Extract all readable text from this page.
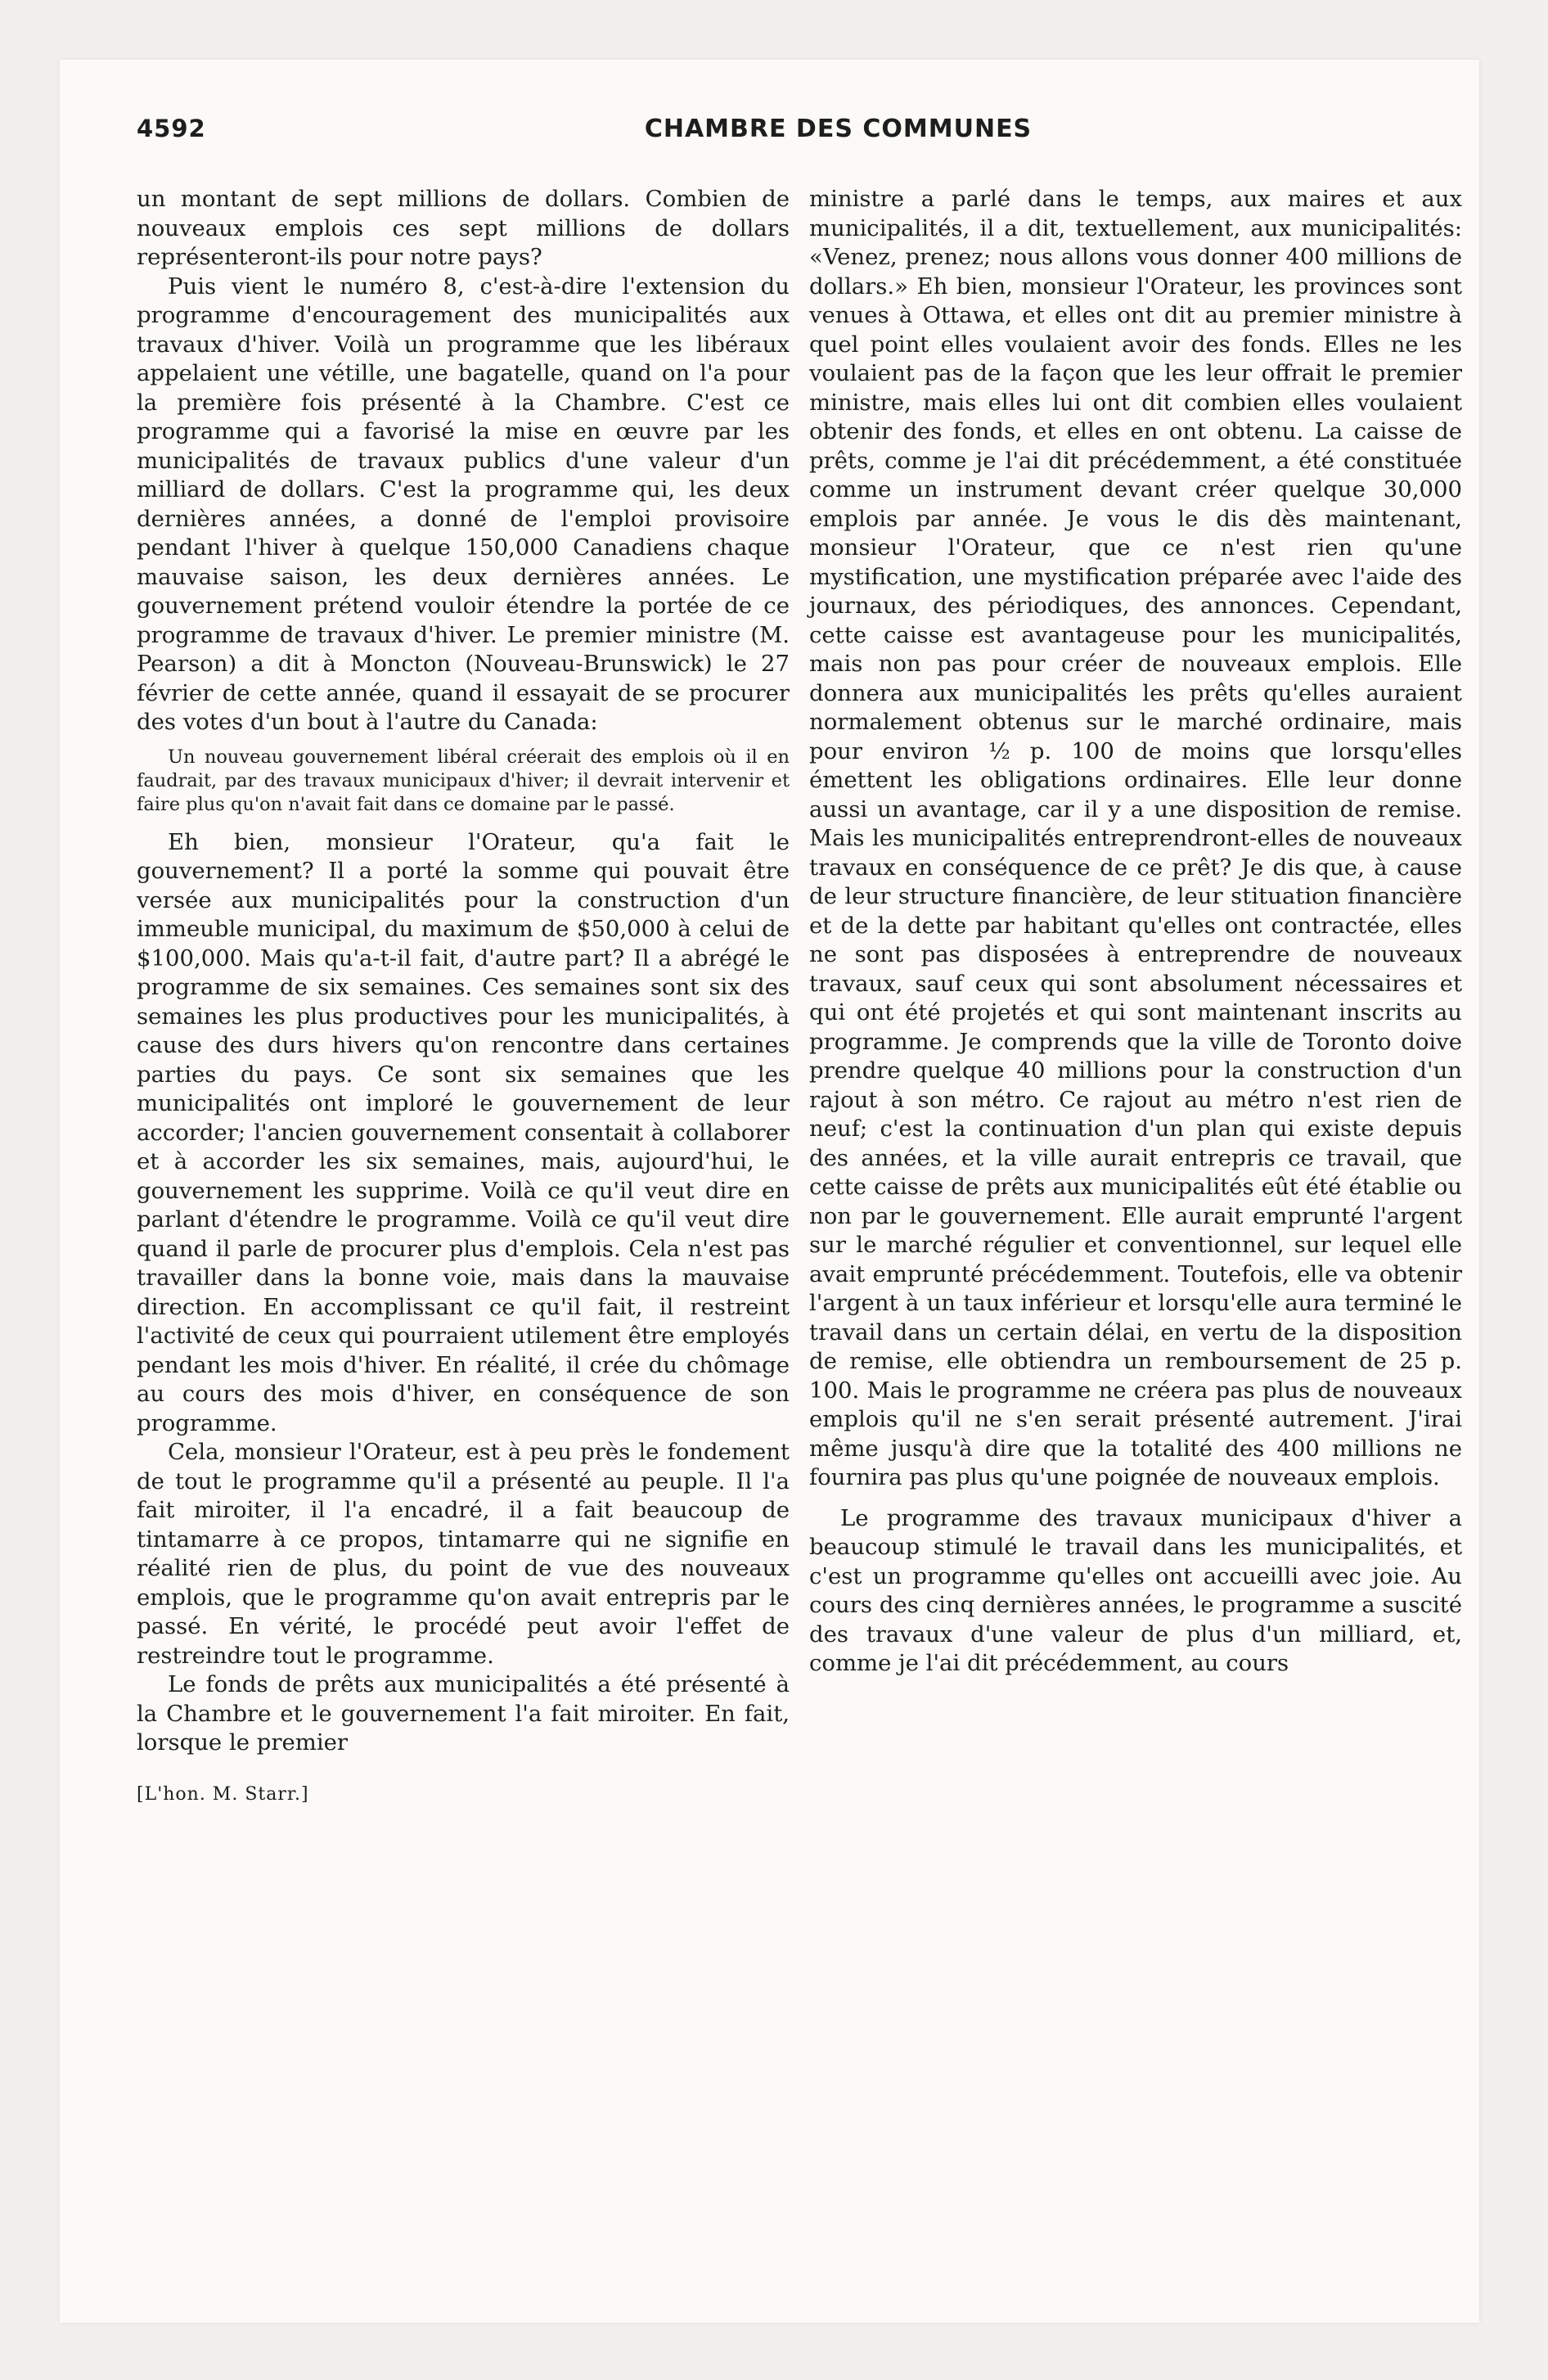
4592	CHAMBRE DES COMMUNES

un montant de sept millions de dollars. Combien de nouveaux emplois ces sept millions de dollars représenteront-ils pour notre pays?

Puis vient le numéro 8, c'est-à-dire l'extension du programme d'encouragement des municipalités aux travaux d'hiver. Voilà un programme que les libéraux appelaient une vétille, une bagatelle, quand on l'a pour la première fois présenté à la Chambre. C'est ce programme qui a favorisé la mise en œuvre par les municipalités de travaux publics d'une valeur d'un milliard de dollars. C'est la programme qui, les deux dernières années, a donné de l'emploi provisoire pendant l'hiver à quelque 150,000 Canadiens chaque mauvaise saison, les deux dernières années. Le gouvernement prétend vouloir étendre la portée de ce programme de travaux d'hiver. Le premier ministre (M. Pearson) a dit à Moncton (Nouveau-Brunswick) le 27 février de cette année, quand il essayait de se procurer des votes d'un bout à l'autre du Canada:

Un nouveau gouvernement libéral créerait des emplois où il en faudrait, par des travaux municipaux d'hiver; il devrait intervenir et faire plus qu'on n'avait fait dans ce domaine par le passé.

Eh bien, monsieur l'Orateur, qu'a fait le gouvernement? Il a porté la somme qui pouvait être versée aux municipalités pour la construction d'un immeuble municipal, du maximum de $50,000 à celui de $100,000. Mais qu'a-t-il fait, d'autre part? Il a abrégé le programme de six semaines. Ces semaines sont six des semaines les plus productives pour les municipalités, à cause des durs hivers qu'on rencontre dans certaines parties du pays. Ce sont six semaines que les municipalités ont imploré le gouvernement de leur accorder; l'ancien gouvernement consentait à collaborer et à accorder les six semaines, mais, aujourd'hui, le gouvernement les supprime. Voilà ce qu'il veut dire en parlant d'étendre le programme. Voilà ce qu'il veut dire quand il parle de procurer plus d'emplois. Cela n'est pas travailler dans la bonne voie, mais dans la mauvaise direction. En accomplissant ce qu'il fait, il restreint l'activité de ceux qui pourraient utilement être employés pendant les mois d'hiver. En réalité, il crée du chômage au cours des mois d'hiver, en conséquence de son programme.

Cela, monsieur l'Orateur, est à peu près le fondement de tout le programme qu'il a présenté au peuple. Il l'a fait miroiter, il l'a encadré, il a fait beaucoup de tintamarre à ce propos, tintamarre qui ne signifie en réalité rien de plus, du point de vue des nouveaux emplois, que le programme qu'on avait entrepris par le passé. En vérité, le procédé peut avoir l'effet de restreindre tout le programme.

Le fonds de prêts aux municipalités a été présenté à la Chambre et le gouvernement l'a fait miroiter. En fait, lorsque le premier

[L'hon. M. Starr.]

ministre a parlé dans le temps, aux maires et aux municipalités, il a dit, textuellement, aux municipalités: «Venez, prenez; nous allons vous donner 400 millions de dollars.» Eh bien, monsieur l'Orateur, les provinces sont venues à Ottawa, et elles ont dit au premier ministre à quel point elles voulaient avoir des fonds. Elles ne les voulaient pas de la façon que les leur offrait le premier ministre, mais elles lui ont dit combien elles voulaient obtenir des fonds, et elles en ont obtenu. La caisse de prêts, comme je l'ai dit précédemment, a été constituée comme un instrument devant créer quelque 30,000 emplois par année. Je vous le dis dès maintenant, monsieur l'Orateur, que ce n'est rien qu'une mystification, une mystification préparée avec l'aide des journaux, des périodiques, des annonces. Cependant, cette caisse est avantageuse pour les municipalités, mais non pas pour créer de nouveaux emplois. Elle donnera aux municipalités les prêts qu'elles auraient normalement obtenus sur le marché ordinaire, mais pour environ ½ p. 100 de moins que lorsqu'elles émettent les obligations ordinaires. Elle leur donne aussi un avantage, car il y a une disposition de remise. Mais les municipalités entreprendront-elles de nouveaux travaux en conséquence de ce prêt? Je dis que, à cause de leur structure financière, de leur stituation financière et de la dette par habitant qu'elles ont contractée, elles ne sont pas disposées à entreprendre de nouveaux travaux, sauf ceux qui sont absolument nécessaires et qui ont été projetés et qui sont maintenant inscrits au programme. Je comprends que la ville de Toronto doive prendre quelque 40 millions pour la construction d'un rajout à son métro. Ce rajout au métro n'est rien de neuf; c'est la continuation d'un plan qui existe depuis des années, et la ville aurait entrepris ce travail, que cette caisse de prêts aux municipalités eût été établie ou non par le gouvernement. Elle aurait emprunté l'argent sur le marché régulier et conventionnel, sur lequel elle avait emprunté précédemment. Toutefois, elle va obtenir l'argent à un taux inférieur et lorsqu'elle aura terminé le travail dans un certain délai, en vertu de la disposition de remise, elle obtiendra un remboursement de 25 p. 100. Mais le programme ne créera pas plus de nouveaux emplois qu'il ne s'en serait présenté autrement. J'irai même jusqu'à dire que la totalité des 400 millions ne fournira pas plus qu'une poignée de nouveaux emplois.

Le programme des travaux municipaux d'hiver a beaucoup stimulé le travail dans les municipalités, et c'est un programme qu'elles ont accueilli avec joie. Au cours des cinq dernières années, le programme a suscité des travaux d'une valeur de plus d'un milliard, et, comme je l'ai dit précédemment, au cours
